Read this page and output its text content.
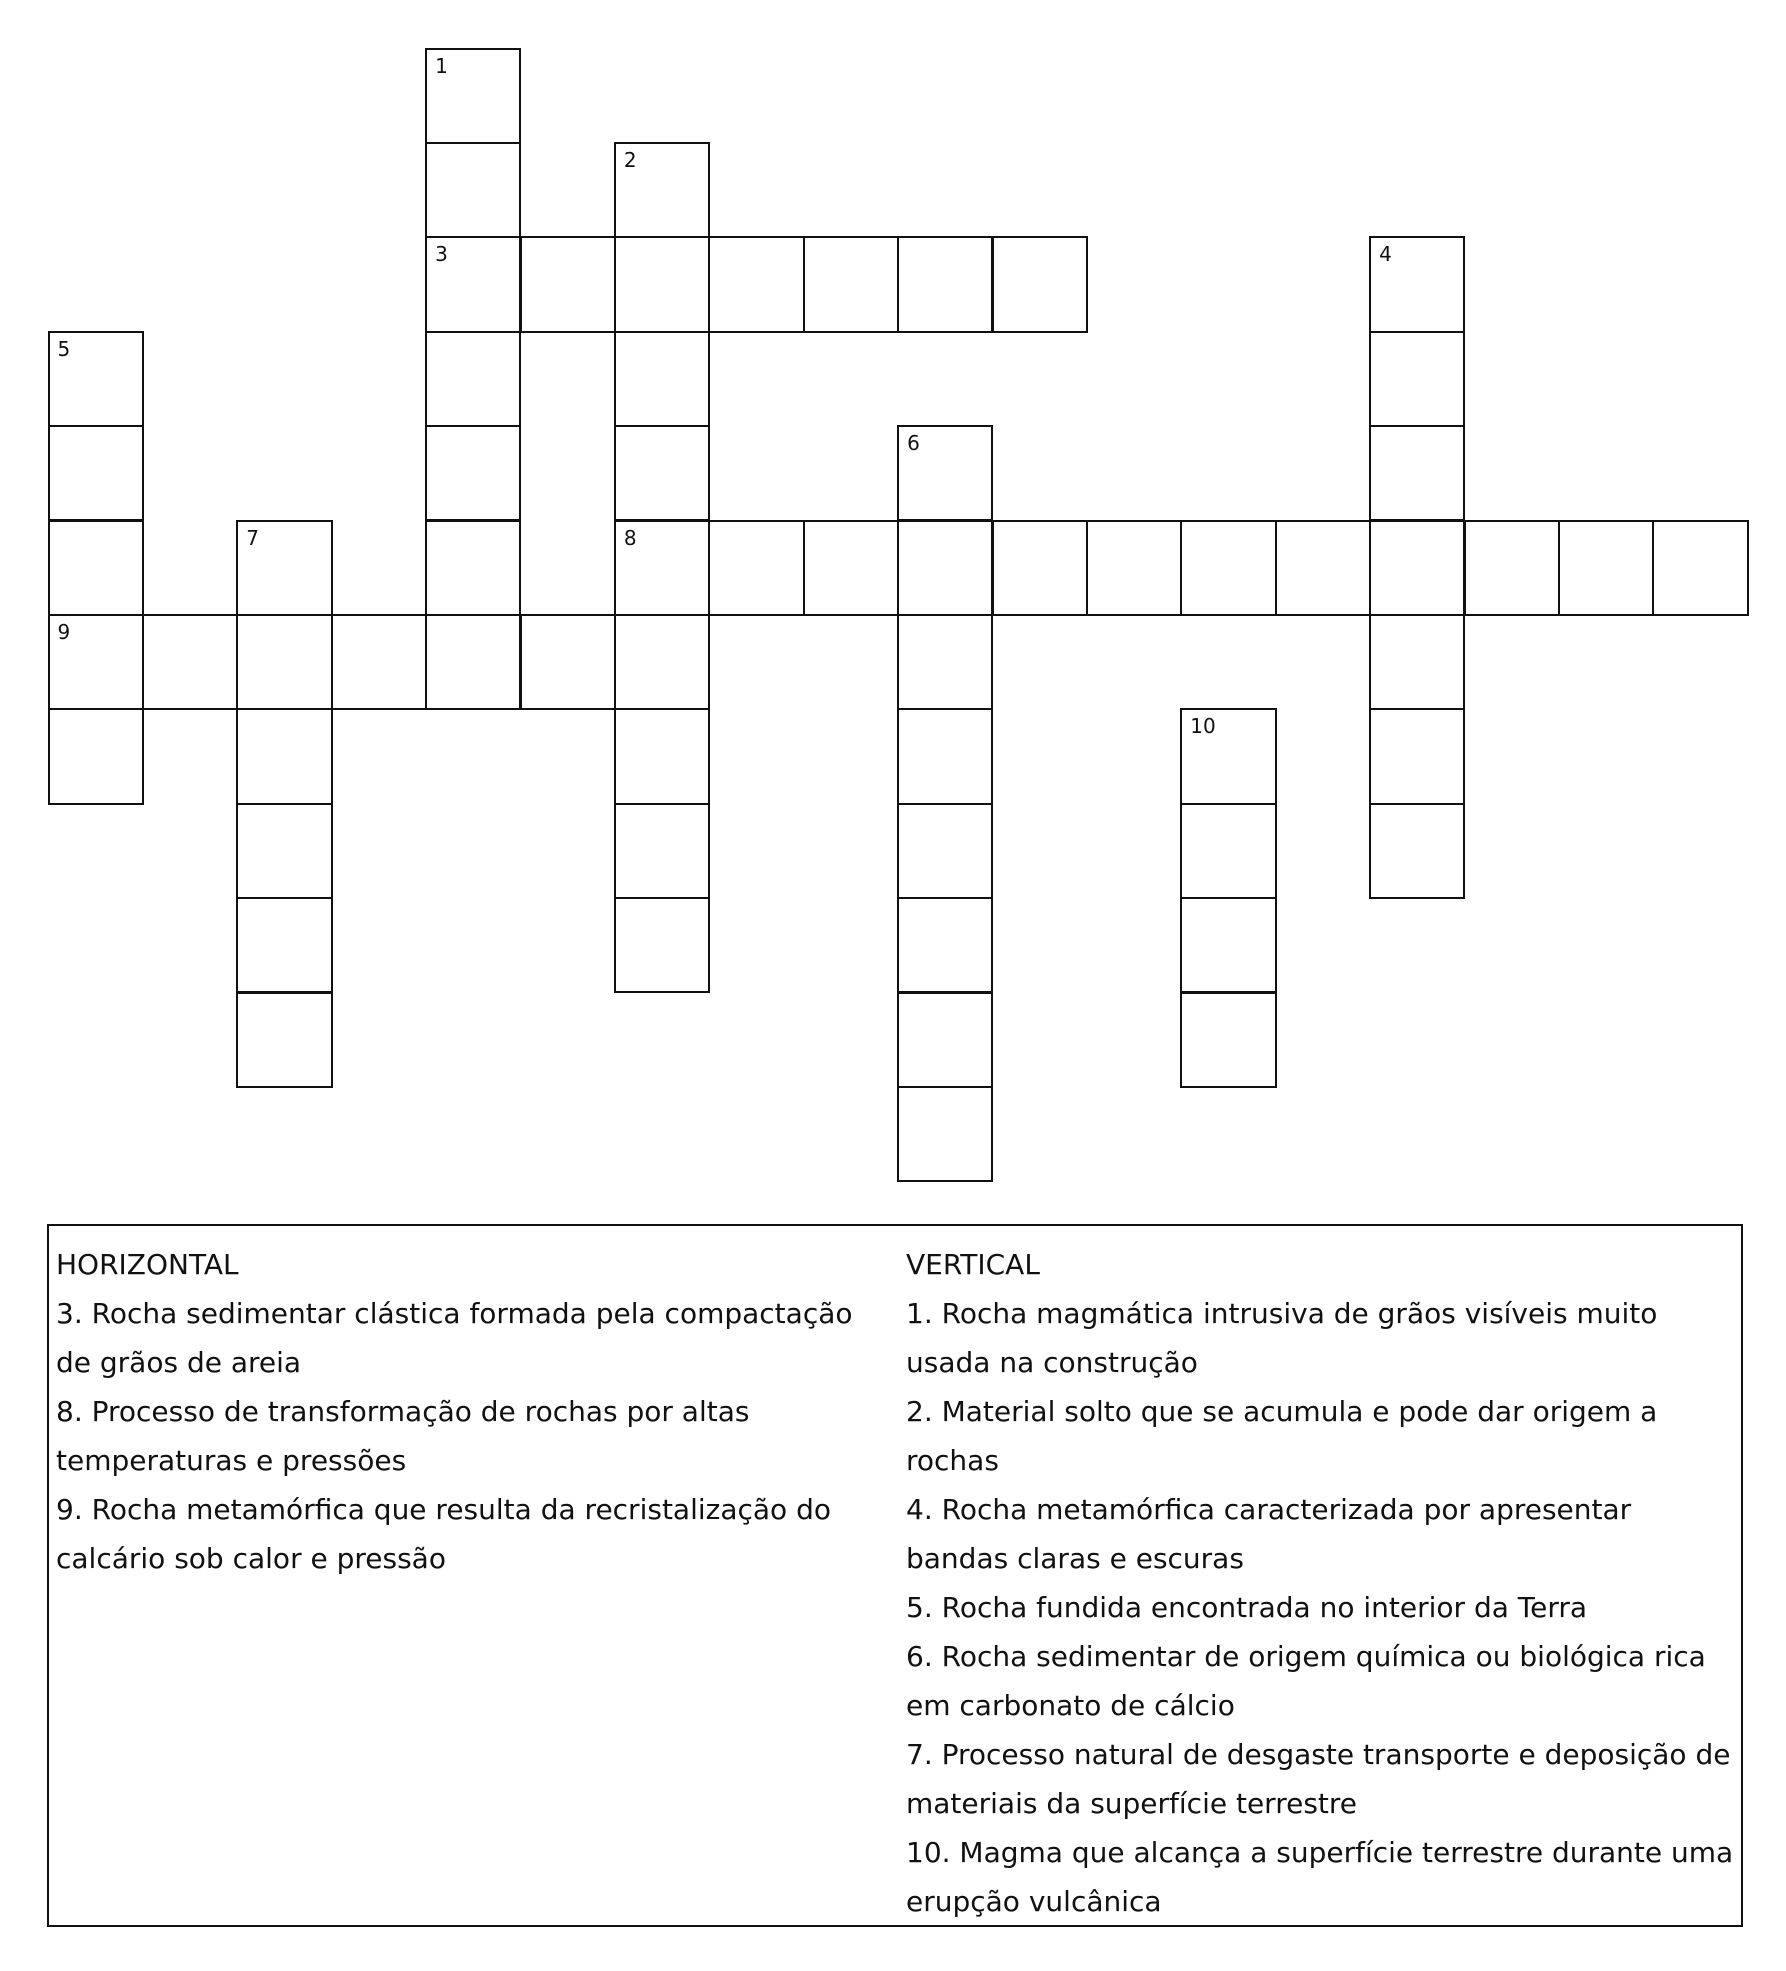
1
3
2
8
4
5
9
6
7
10
HORIZONTAL
3. Rocha sedimentar clástica formada pela compactação de grãos de areia
8. Processo de transformação de rochas por altas temperaturas e pressões
9. Rocha metamórfica que resulta da recristalização do calcário sob calor e pressão
VERTICAL
1. Rocha magmática intrusiva de grãos visíveis muito usada na construção
2. Material solto que se acumula e pode dar origem a rochas
4. Rocha metamórfica caracterizada por apresentar bandas claras e escuras
5. Rocha fundida encontrada no interior da Terra
6. Rocha sedimentar de origem química ou biológica rica em carbonato de cálcio
7. Processo natural de desgaste transporte e deposição de materiais da superfície terrestre
10. Magma que alcança a superfície terrestre durante uma erupção vulcânica
